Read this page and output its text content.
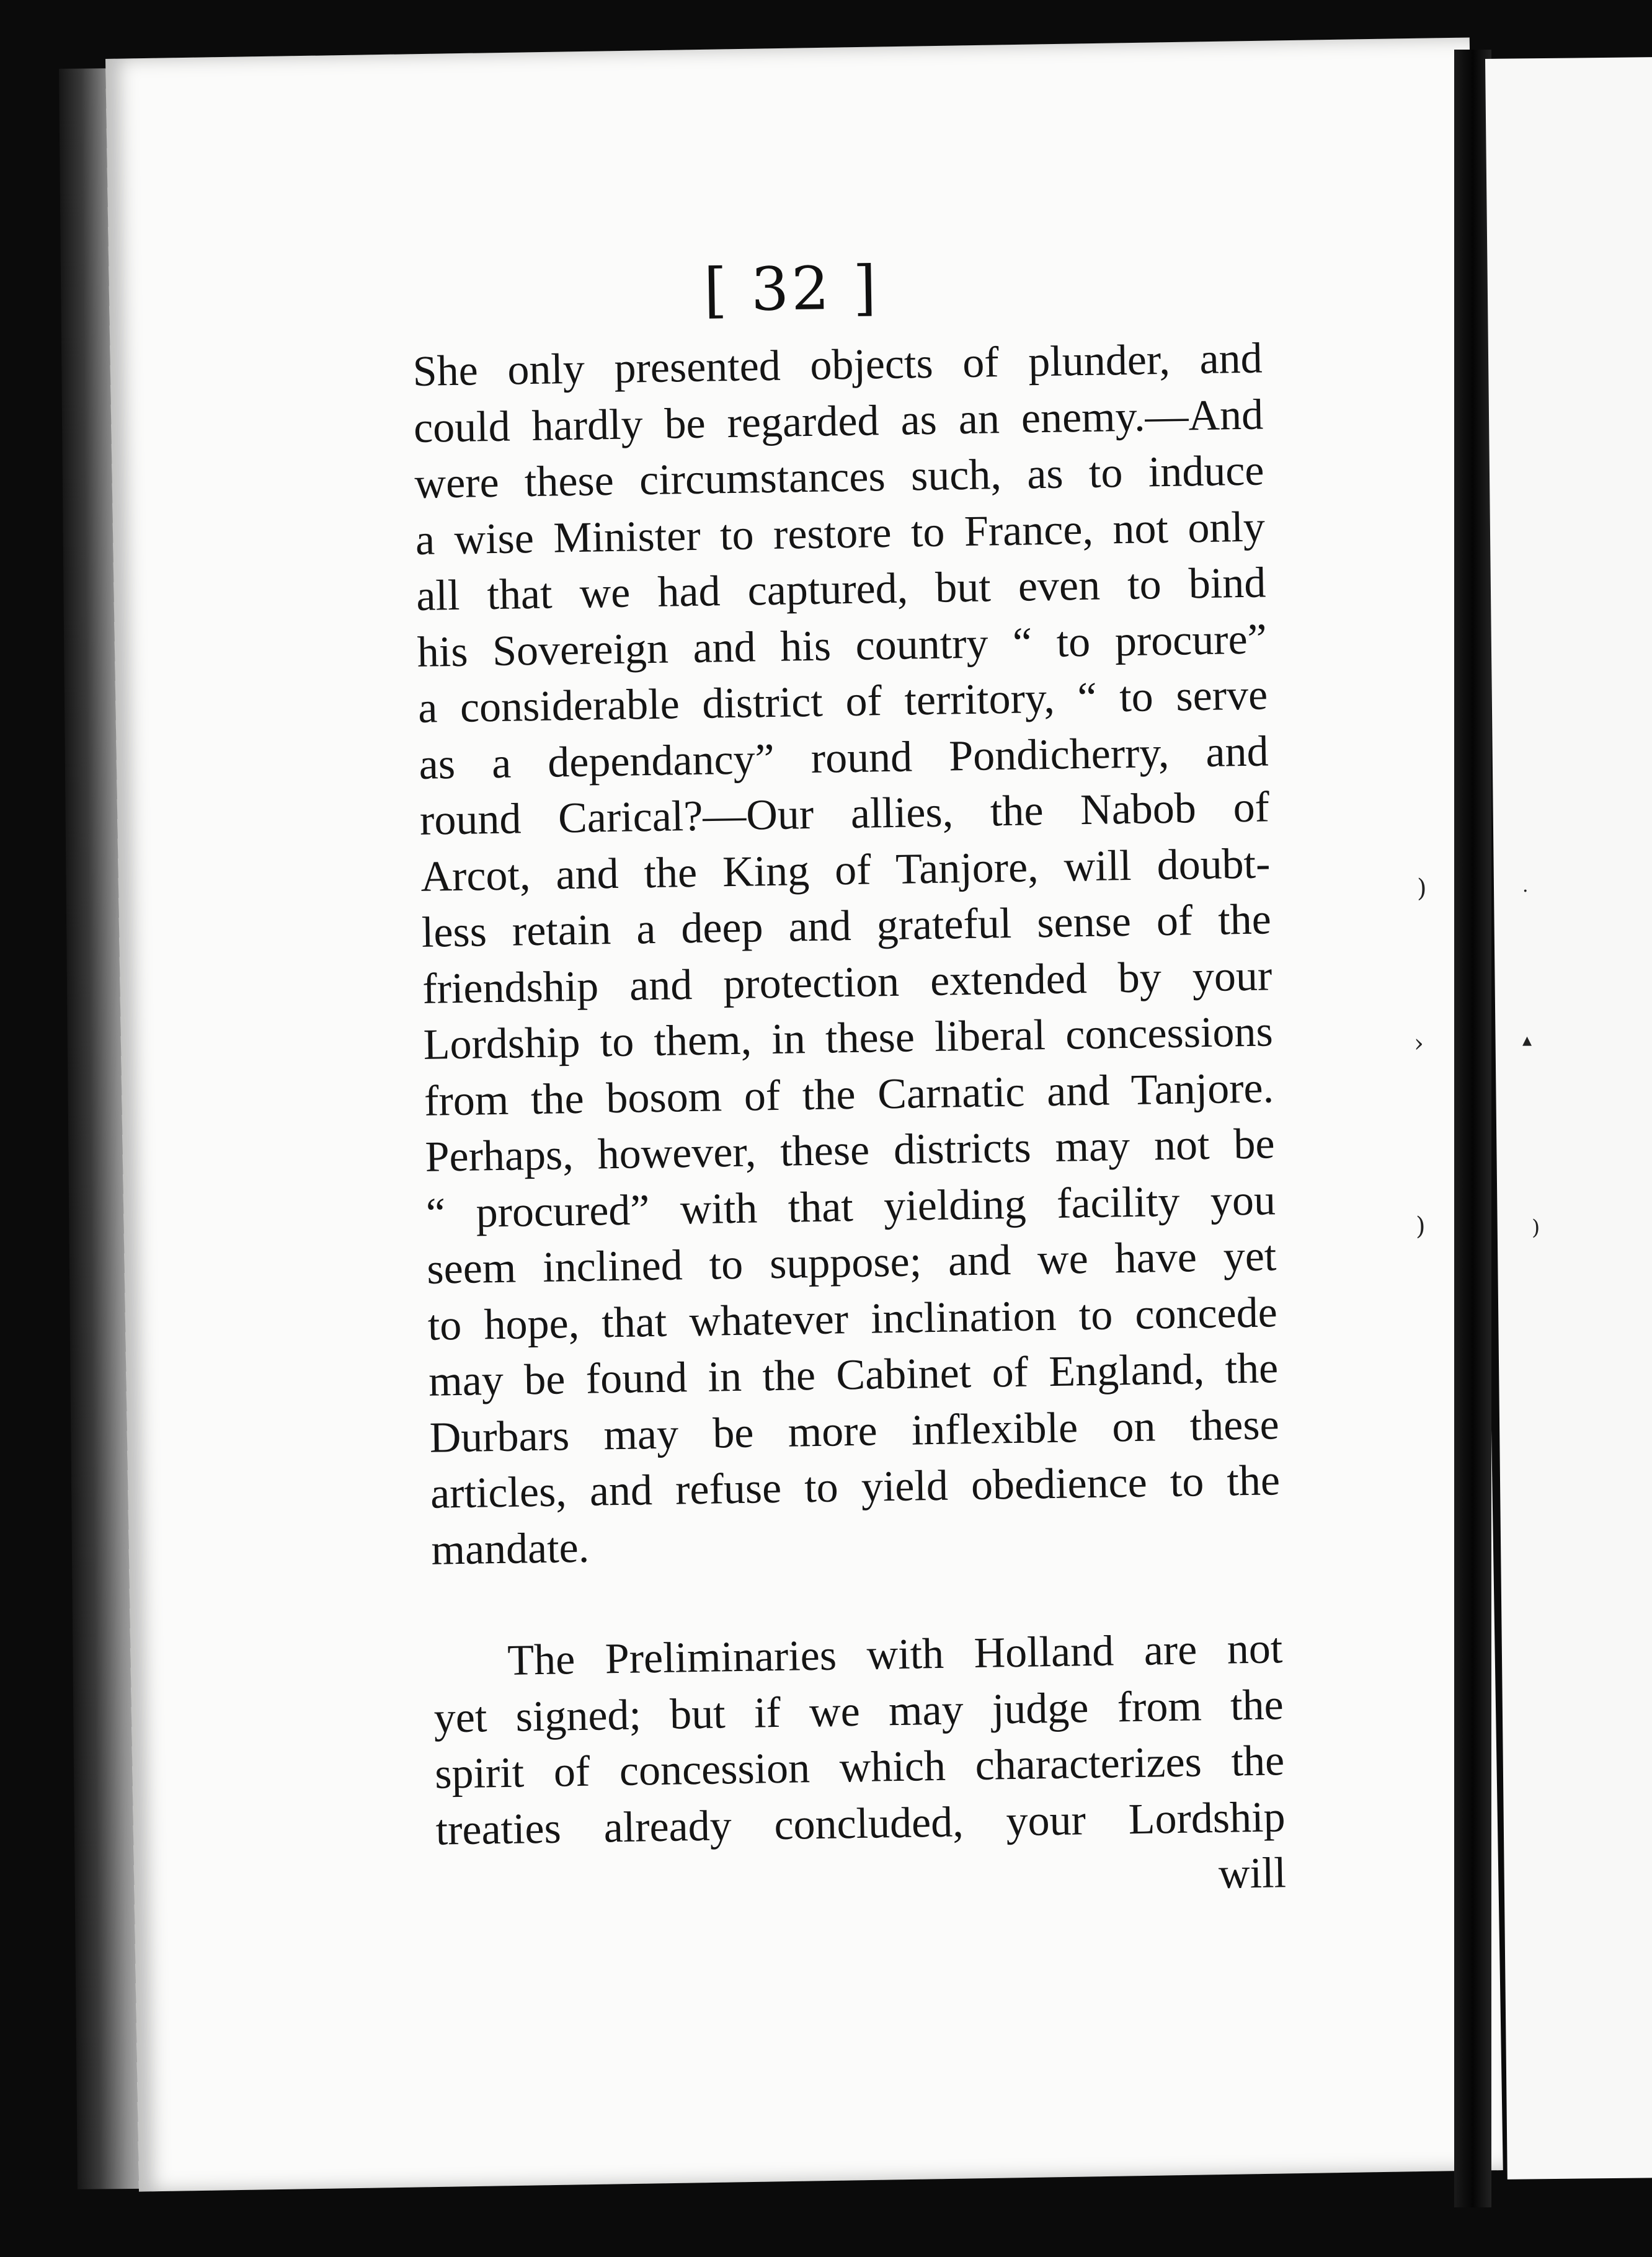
[ 32 ]
She only presented objects of plunder, and
could hardly be regarded as an enemy.—And
were these circumstances such, as to induce
a wise Minister to restore to France, not only
all that we had captured, but even to bind
his Sovereign and his country “ to procure”
a considerable district of territory, “ to serve
as a dependancy” round Pondicherry, and
round Carical?—Our allies, the Nabob of
Arcot, and the King of Tanjore, will doubt-
less retain a deep and grateful sense of the
friendship and protection extended by your
Lordship to them, in these liberal concessions
from the bosom of the Carnatic and Tanjore.
Perhaps, however, these districts may not be
“ procured” with that yielding facility you
seem inclined to suppose; and we have yet
to hope, that whatever inclination to concede
may be found in the Cabinet of England, the
Durbars may be more inflexible on these
articles, and refuse to yield obedience to the
mandate.
The Preliminaries with Holland are not
yet signed; but if we may judge from the
spirit of concession which characterizes the
treaties already concluded, your Lordship
will
)
›
)
·
▴
)
